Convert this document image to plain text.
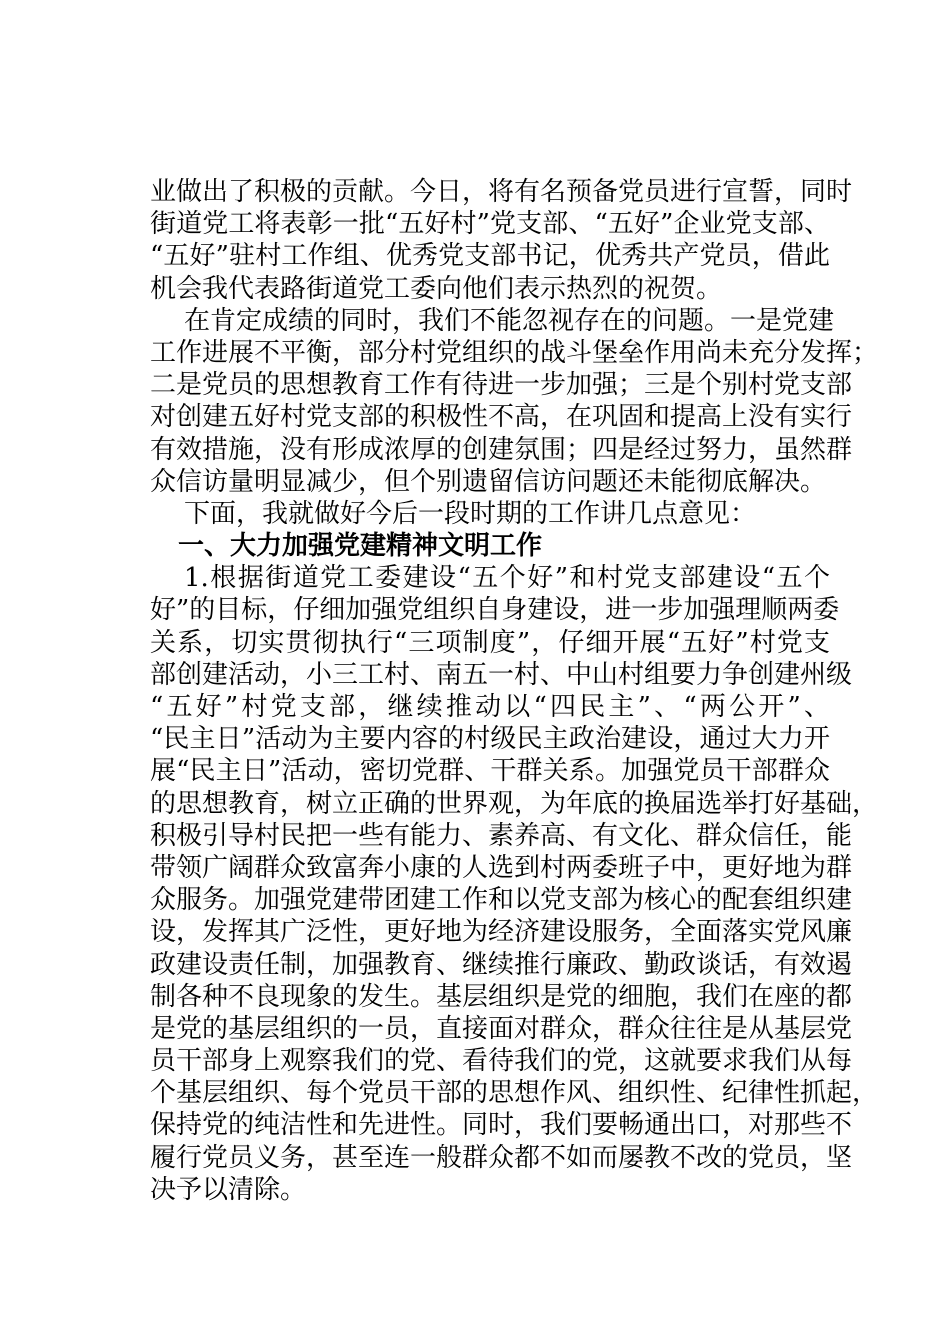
业做出了积极的贡献。今日，将有名预备党员进行宣誓，同时
街道党工将表彰一批“五好村”党支部、“五好”企业党支部、
“五好”驻村工作组、优秀党支部书记，优秀共产党员，借此
机会我代表路街道党工委向他们表示热烈的祝贺。
在肯定成绩的同时，我们不能忽视存在的问题。一是党建
工作进展不平衡，部分村党组织的战斗堡垒作用尚未充分发挥；
二是党员的思想教育工作有待进一步加强；三是个别村党支部
对创建五好村党支部的积极性不高，在巩固和提高上没有实行
有效措施，没有形成浓厚的创建氛围；四是经过努力，虽然群
众信访量明显减少，但个别遗留信访问题还未能彻底解决。
下面，我就做好今后一段时期的工作讲几点意见：
一、大力加强党建精神文明工作
1.根据街道党工委建设“五个好”和村党支部建设“五个
好”的目标，仔细加强党组织自身建设，进一步加强理顺两委
关系，切实贯彻执行“三项制度”，仔细开展“五好”村党支
部创建活动，小三工村、南五一村、中山村组要力争创建州级
“五好”村党支部，继续推动以“四民主”、“两公开”、
“民主日”活动为主要内容的村级民主政治建设，通过大力开
展“民主日”活动，密切党群、干群关系。加强党员干部群众
的思想教育，树立正确的世界观，为年底的换届选举打好基础，
积极引导村民把一些有能力、素养高、有文化、群众信任，能
带领广阔群众致富奔小康的人选到村两委班子中，更好地为群
众服务。加强党建带团建工作和以党支部为核心的配套组织建
设，发挥其广泛性，更好地为经济建设服务，全面落实党风廉
政建设责任制，加强教育、继续推行廉政、勤政谈话，有效遏
制各种不良现象的发生。基层组织是党的细胞，我们在座的都
是党的基层组织的一员，直接面对群众，群众往往是从基层党
员干部身上观察我们的党、看待我们的党，这就要求我们从每
个基层组织、每个党员干部的思想作风、组织性、纪律性抓起，
保持党的纯洁性和先进性。同时，我们要畅通出口，对那些不
履行党员义务，甚至连一般群众都不如而屡教不改的党员，坚
决予以清除。
